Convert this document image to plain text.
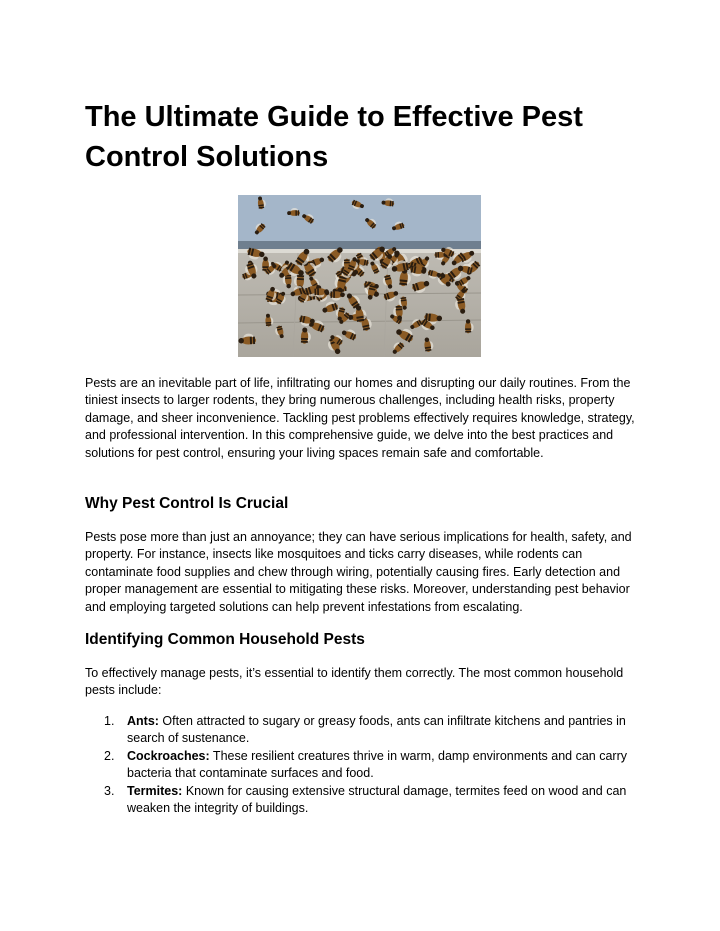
The Ultimate Guide to Effective Pest Control Solutions

Pests are an inevitable part of life, infiltrating our homes and disrupting our daily routines. From the tiniest insects to larger rodents, they bring numerous challenges, including health risks, property damage, and sheer inconvenience. Tackling pest problems effectively requires knowledge, strategy, and professional intervention. In this comprehensive guide, we delve into the best practices and solutions for pest control, ensuring your living spaces remain safe and comfortable.

Why Pest Control Is Crucial

Pests pose more than just an annoyance; they can have serious implications for health, safety, and property. For instance, insects like mosquitoes and ticks carry diseases, while rodents can contaminate food supplies and chew through wiring, potentially causing fires. Early detection and proper management are essential to mitigating these risks. Moreover, understanding pest behavior and employing targeted solutions can help prevent infestations from escalating.

Identifying Common Household Pests

To effectively manage pests, it’s essential to identify them correctly. The most common household pests include:

1. Ants: Often attracted to sugary or greasy foods, ants can infiltrate kitchens and pantries in search of sustenance.
2. Cockroaches: These resilient creatures thrive in warm, damp environments and can carry bacteria that contaminate surfaces and food.
3. Termites: Known for causing extensive structural damage, termites feed on wood and can weaken the integrity of buildings.
